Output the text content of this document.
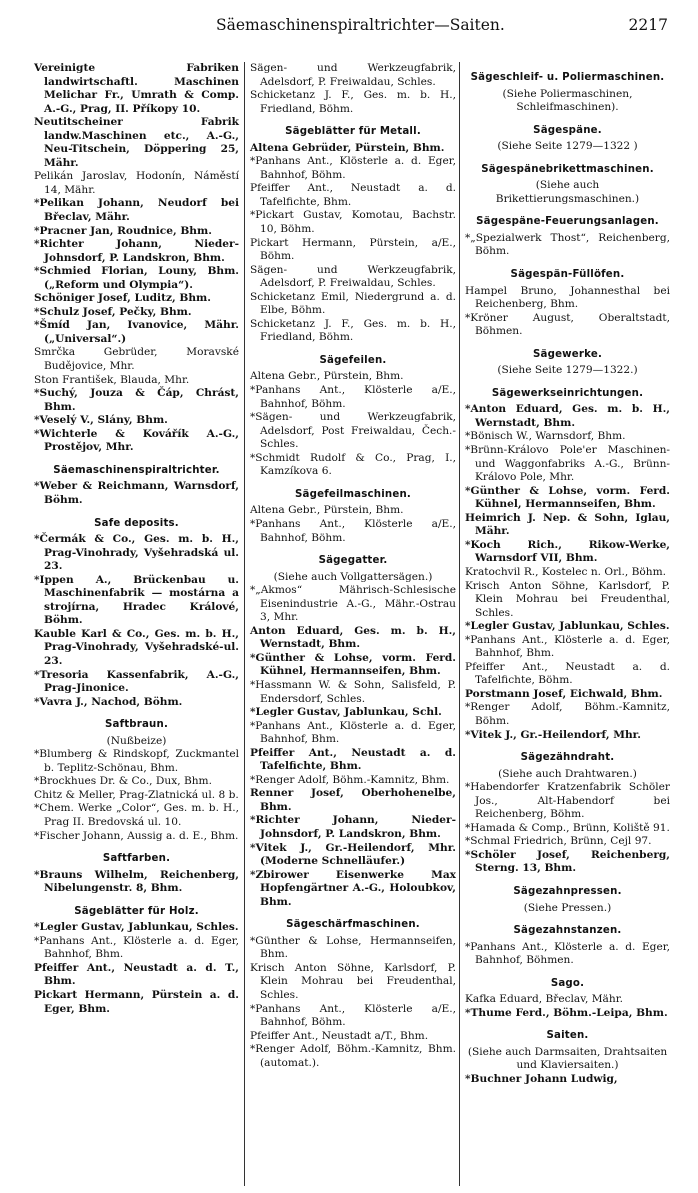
Säemaschinenspiraltrichter—Saiten.	2217
Vereinigte Fabriken landwirtschaftl. Maschinen Melichar Fr., Umrath & Comp. A.-G., Prag, II. Příkopy 10.
Neutitscheiner Fabrik landw.Maschinen etc., A.-G., Neu-Titschein, Döppering 25, Mähr.
Pelikán Jaroslav, Hodonín, Náměstí 14, Mähr.
*Pelikan Johann, Neudorf bei Břeclav, Mähr.
*Pracner Jan, Roudnice, Bhm.
*Richter Johann, Nieder-Johnsdorf, P. Landskron, Bhm.
*Schmied Florian, Louny, Bhm. („Reform und Olympia“).
Schöniger Josef, Luditz, Bhm.
*Schulz Josef, Pečky, Bhm.
*Šmíd Jan, Ivanovice, Mähr. („Universal“.)
Smrčka Gebrüder, Moravské Budějovice, Mhr.
Ston František, Blauda, Mhr.
*Suchý, Jouza & Čáp, Chrást, Bhm.
*Veselý V., Slány, Bhm.
*Wichterle & Kovářík A.-G., Prostějov, Mhr.
Säemaschinenspiraltrichter.
*Weber & Reichmann, Warnsdorf, Böhm.
Safe deposits.
*Čermák & Co., Ges. m. b. H., Prag-Vinohrady, Vyšehradská ul. 23.
*Ippen A., Brückenbau u. Maschinenfabrik — mostárna a strojírna, Hradec Králové, Böhm.
Kauble Karl & Co., Ges. m. b. H., Prag-Vinohrady, Vyšehradské-ul. 23.
*Tresoria Kassenfabrik, A.-G., Prag-Jinonice.
*Vavra J., Nachod, Böhm.
Saftbraun.
(Nußbeize)
*Blumberg & Rindskopf, Zuckmantel b. Teplitz-Schönau, Bhm.
*Brockhues Dr. & Co., Dux, Bhm.
Chitz & Meller, Prag-Zlatnická ul. 8 b.
*Chem. Werke „Color“, Ges. m. b. H., Prag II. Bredovská ul. 10.
*Fischer Johann, Aussig a. d. E., Bhm.
Saftfarben.
*Brauns Wilhelm, Reichenberg, Nibelungenstr. 8, Bhm.
Sägeblätter für Holz.
*Legler Gustav, Jablunkau, Schles.
*Panhans Ant., Klösterle a. d. Eger, Bahnhof, Bhm.
Pfeiffer Ant., Neustadt a. d. T., Bhm.
Pickart Hermann, Pürstein a. d. Eger, Bhm.
Sägen- und Werkzeugfabrik, Adelsdorf, P. Freiwaldau, Schles.
Schicketanz J. F., Ges. m. b. H., Friedland, Böhm.
Sägeblätter für Metall.
Altena Gebrüder, Pürstein, Bhm.
*Panhans Ant., Klösterle a. d. Eger, Bahnhof, Böhm.
Pfeiffer Ant., Neustadt a. d. Tafelfichte, Bhm.
*Pickart Gustav, Komotau, Bachstr. 10, Böhm.
Pickart Hermann, Pürstein, a/E., Böhm.
Sägen- und Werkzeugfabrik, Adelsdorf, P. Freiwaldau, Schles.
Schicketanz Emil, Niedergrund a. d. Elbe, Böhm.
Schicketanz J. F., Ges. m. b. H., Friedland, Böhm.
Sägefeilen.
Altena Gebr., Pürstein, Bhm.
*Panhans Ant., Klösterle a/E., Bahnhof, Böhm.
*Sägen- und Werkzeugfabrik, Adelsdorf, Post Freiwaldau, Čech.-Schles.
*Schmidt Rudolf & Co., Prag, I., Kamzíkova 6.
Sägefeilmaschinen.
Altena Gebr., Pürstein, Bhm.
*Panhans Ant., Klösterle a/E., Bahnhof, Böhm.
Sägegatter.
(Siehe auch Vollgattersägen.)
*„Akmos“ Mährisch-Schlesische Eisenindustrie A.-G., Mähr.-Ostrau 3, Mhr.
Anton Eduard, Ges. m. b. H., Wernstadt, Bhm.
*Günther & Lohse, vorm. Ferd. Kühnel, Hermannseifen, Bhm.
*Hassmann W. & Sohn, Salisfeld, P. Endersdorf, Schles.
*Legler Gustav, Jablunkau, Schl.
*Panhans Ant., Klösterle a. d. Eger, Bahnhof, Bhm.
Pfeiffer Ant., Neustadt a. d. Tafelfichte, Bhm.
*Renger Adolf, Böhm.-Kamnitz, Bhm.
Renner Josef, Oberhohenelbe, Bhm.
*Richter Johann, Nieder-Johnsdorf, P. Landskron, Bhm.
*Vitek J., Gr.-Heilendorf, Mhr. (Moderne Schnelläufer.)
*Zbirower Eisenwerke Max Hopfengärtner A.-G., Holoubkov, Bhm.
Sägeschärfmaschinen.
*Günther & Lohse, Hermannseifen, Bhm.
Krisch Anton Söhne, Karlsdorf, P. Klein Mohrau bei Freudenthal, Schles.
*Panhans Ant., Klösterle a/E., Bahnhof, Böhm.
Pfeiffer Ant., Neustadt a/T., Bhm.
*Renger Adolf, Böhm.-Kamnitz, Bhm. (automat.).
Sägeschleif- u. Poliermaschinen.
(Siehe Poliermaschinen, Schleifmaschinen).
Sägespäne.
(Siehe Seite 1279—1322 )
Sägespänebrikettmaschinen.
(Siehe auch Brikettierungsmaschinen.)
Sägespäne-Feuerungsanlagen.
*„Spezialwerk Thost“, Reichenberg, Böhm.
Sägespän-Füllöfen.
Hampel Bruno, Johannesthal bei Reichenberg, Bhm.
*Kröner August, Oberaltstadt, Böhmen.
Sägewerke.
(Siehe Seite 1279—1322.)
Sägewerkseinrichtungen.
*Anton Eduard, Ges. m. b. H., Wernstadt, Bhm.
*Bönisch W., Warnsdorf, Bhm.
*Brünn-Královo Pole'er Maschinen- und Waggonfabriks A.-G., Brünn-Královo Pole, Mhr.
*Günther & Lohse, vorm. Ferd. Kühnel, Hermannseifen, Bhm.
Heimrich J. Nep. & Sohn, Iglau, Mähr.
*Koch Rich., Rikow-Werke, Warnsdorf VII, Bhm.
Kratochvil R., Kostelec n. Orl., Böhm.
Krisch Anton Söhne, Karlsdorf, P. Klein Mohrau bei Freudenthal, Schles.
*Legler Gustav, Jablunkau, Schles.
*Panhans Ant., Klösterle a. d. Eger, Bahnhof, Bhm.
Pfeiffer Ant., Neustadt a. d. Tafelfichte, Böhm.
Porstmann Josef, Eichwald, Bhm.
*Renger Adolf, Böhm.-Kamnitz, Böhm.
*Vitek J., Gr.-Heilendorf, Mhr.
Sägezähndraht.
(Siehe auch Drahtwaren.)
*Habendorfer Kratzenfabrik Schöler Jos., Alt-Habendorf bei Reichenberg, Böhm.
*Hamada & Comp., Brünn, Koliště 91.
*Schmal Friedrich, Brünn, Cejl 97.
*Schöler Josef, Reichenberg, Sterng. 13, Bhm.
Sägezahnpressen.
(Siehe Pressen.)
Sägezahnstanzen.
*Panhans Ant., Klösterle a. d. Eger, Bahnhof, Böhmen.
Sago.
Kafka Eduard, Břeclav, Mähr.
*Thume Ferd., Böhm.-Leipa, Bhm.
Saiten.
(Siehe auch Darmsaiten, Drahtsaiten und Klaviersaiten.)
*Buchner Johann Ludwig,
